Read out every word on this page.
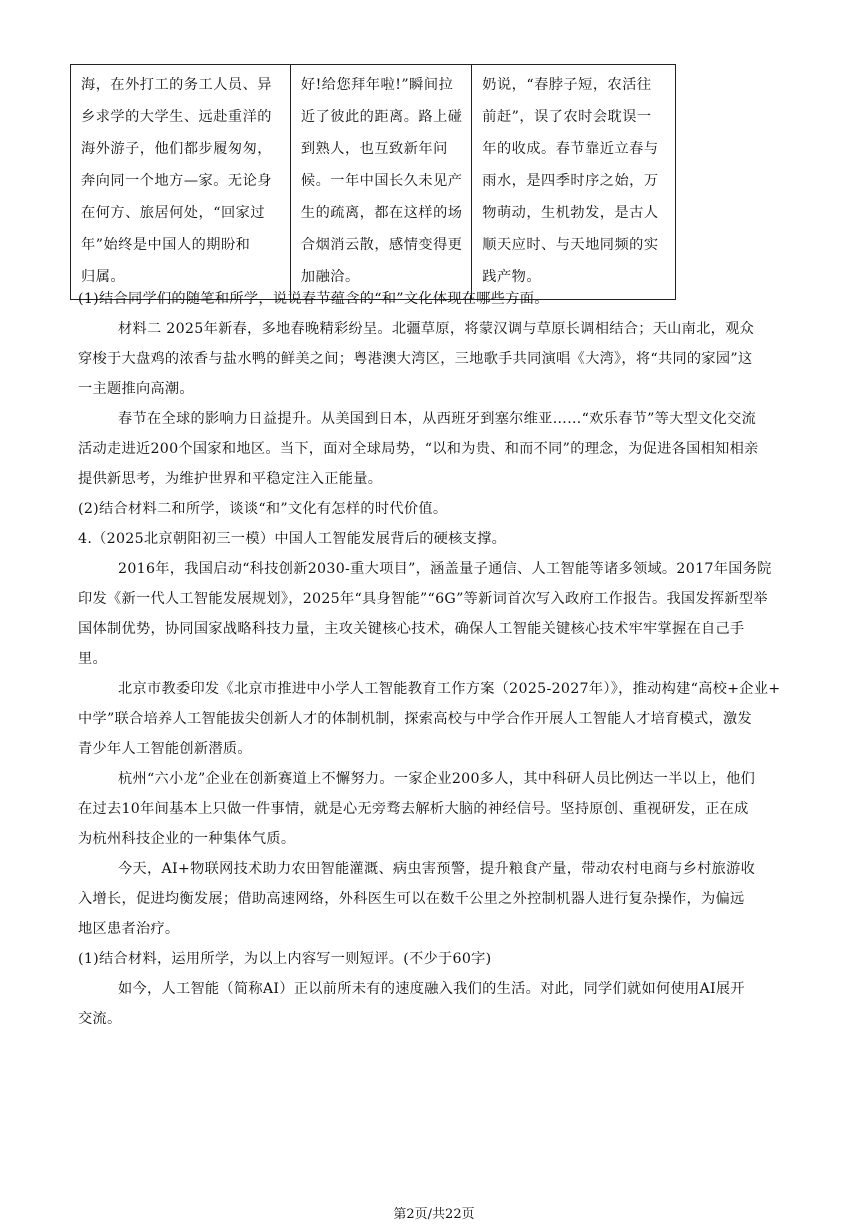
海，在外打工的务工人员、异
乡求学的大学生、远赴重洋的
海外游子，他们都步履匆匆，
奔向同一个地方—家。无论身
在何方、旅居何处，“回家过
年”始终是中国人的期盼和
归属。

好!给您拜年啦!”瞬间拉
近了彼此的距离。路上碰
到熟人，也互致新年问
候。一年中国长久未见产
生的疏离，都在这样的场
合烟消云散，感情变得更
加融洽。

奶说，“春脖子短，农活往
前赶”，误了农时会耽误一
年的收成。春节靠近立春与
雨水，是四季时序之始，万
物萌动，生机勃发，是古人
顺天应时、与天地同频的实
践产物。
(1)结合同学们的随笔和所学，说说春节蕴含的“和”文化体现在哪些方面。
材料二 2025年新春，多地春晚精彩纷呈。北疆草原，将蒙汉调与草原长调相结合；天山南北，观众
穿梭于大盘鸡的浓香与盐水鸭的鲜美之间；粤港澳大湾区，三地歌手共同演唱《大湾》，将“共同的家园”这
一主题推向高潮。
春节在全球的影响力日益提升。从美国到日本，从西班牙到塞尔维亚……“欢乐春节”等大型文化交流
活动走进近200个国家和地区。当下，面对全球局势，“以和为贵、和而不同”的理念，为促进各国相知相亲
提供新思考，为维护世界和平稳定注入正能量。
(2)结合材料二和所学，谈谈“和”文化有怎样的时代价值。
4.（2025北京朝阳初三一模）中国人工智能发展背后的硬核支撑。
2016年，我国启动“科技创新2030-重大项目”，涵盖量子通信、人工智能等诸多领域。2017年国务院
印发《新一代人工智能发展规划》，2025年“具身智能”“6G”等新词首次写入政府工作报告。我国发挥新型举
国体制优势，协同国家战略科技力量，主攻关键核心技术，确保人工智能关键核心技术牢牢掌握在自己手
里。
北京市教委印发《北京市推进中小学人工智能教育工作方案（2025-2027年）》，推动构建“高校+企业+
中学”联合培养人工智能拔尖创新人才的体制机制，探索高校与中学合作开展人工智能人才培育模式，激发
青少年人工智能创新潜质。
杭州“六小龙”企业在创新赛道上不懈努力。一家企业200多人，其中科研人员比例达一半以上，他们
在过去10年间基本上只做一件事情，就是心无旁骛去解析大脑的神经信号。坚持原创、重视研发，正在成
为杭州科技企业的一种集体气质。
今天，AI+物联网技术助力农田智能灌溉、病虫害预警，提升粮食产量，带动农村电商与乡村旅游收
入增长，促进均衡发展；借助高速网络，外科医生可以在数千公里之外控制机器人进行复杂操作，为偏远
地区患者治疗。
(1)结合材料，运用所学，为以上内容写一则短评。(不少于60字)
如今，人工智能（简称AI）正以前所未有的速度融入我们的生活。对此，同学们就如何使用AI展开
交流。
第2页/共22页
